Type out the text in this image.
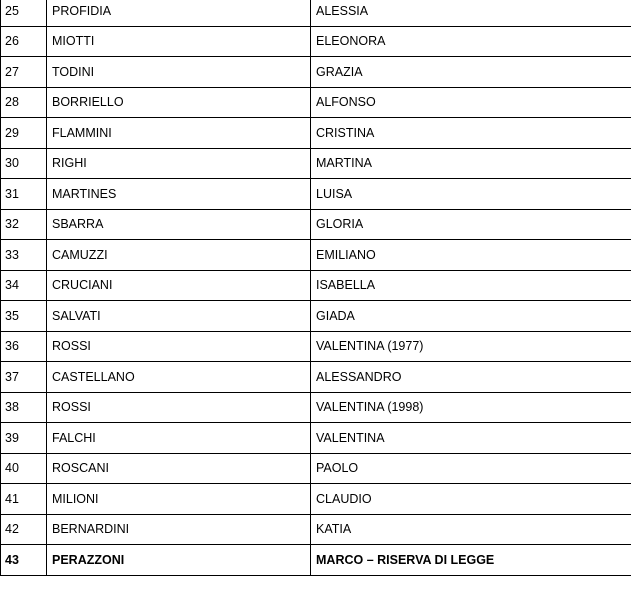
25	PROFIDIA	ALESSIA
26	MIOTTI	ELEONORA
27	TODINI	GRAZIA
28	BORRIELLO	ALFONSO
29	FLAMMINI	CRISTINA
30	RIGHI	MARTINA
31	MARTINES	LUISA
32	SBARRA	GLORIA
33	CAMUZZI	EMILIANO
34	CRUCIANI	ISABELLA
35	SALVATI	GIADA
36	ROSSI	VALENTINA (1977)
37	CASTELLANO	ALESSANDRO
38	ROSSI	VALENTINA (1998)
39	FALCHI	VALENTINA
40	ROSCANI	PAOLO
41	MILIONI	CLAUDIO
42	BERNARDINI	KATIA
43	PERAZZONI	MARCO – RISERVA DI LEGGE
